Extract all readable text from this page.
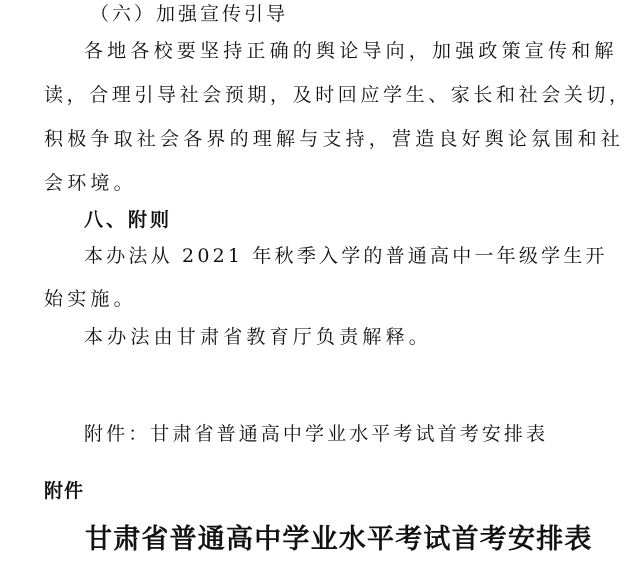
（六）加强宣传引导
各地各校要坚持正确的舆论导向，加强政策宣传和解
读，合理引导社会预期，及时回应学生、家长和社会关切，
积极争取社会各界的理解与支持，营造良好舆论氛围和社
会环境。
八、附则
本办法从 2021 年秋季入学的普通高中一年级学生开
始实施。
本办法由甘肃省教育厅负责解释。
附件：甘肃省普通高中学业水平考试首考安排表
附件
甘肃省普通高中学业水平考试首考安排表
